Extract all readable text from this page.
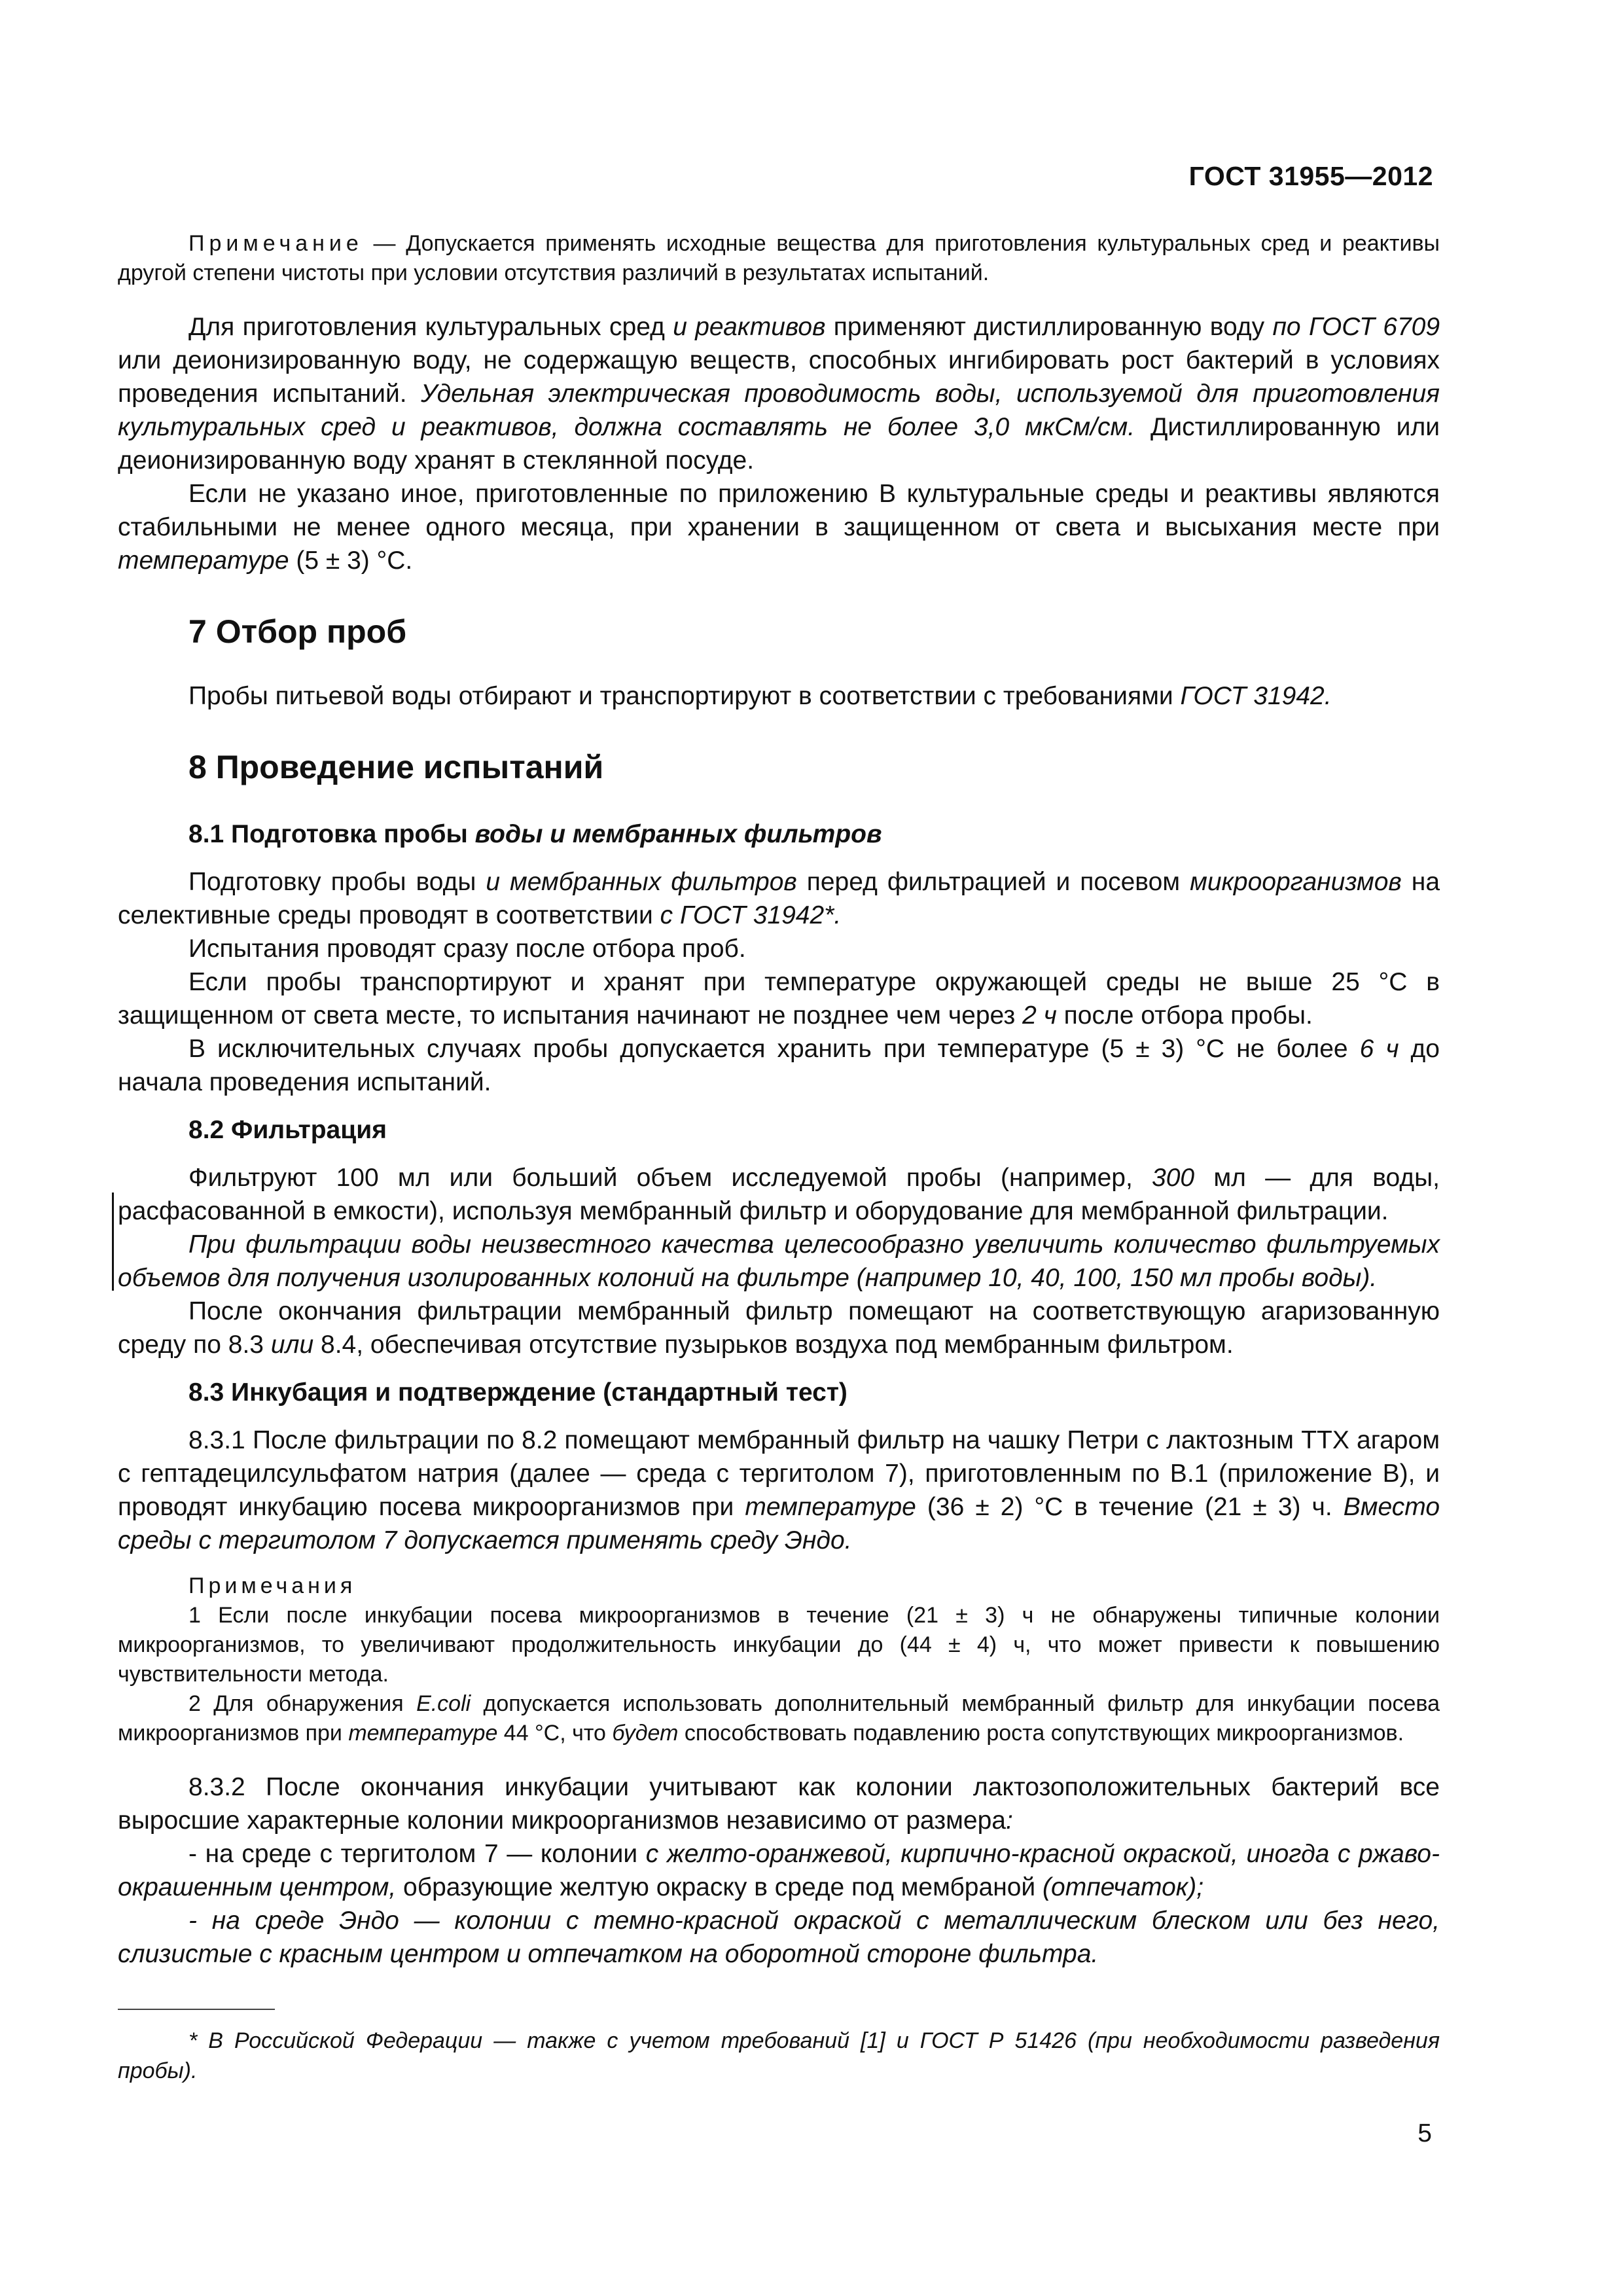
ГОСТ 31955—2012

Примечание — Допускается применять исходные вещества для приготовления культуральных сред и реактивы другой степени чистоты при условии отсутствия различий в результатах испытаний.

Для приготовления культуральных сред и реактивов применяют дистиллированную воду по ГОСТ 6709 или деионизированную воду, не содержащую веществ, способных ингибировать рост бактерий в условиях проведения испытаний. Удельная электрическая проводимость воды, используемой для приготовления культуральных сред и реактивов, должна составлять не более 3,0 мкСм/см. Дистиллированную или деионизированную воду хранят в стеклянной посуде.

Если не указано иное, приготовленные по приложению В культуральные среды и реактивы являются стабильными не менее одного месяца, при хранении в защищенном от света и высыхания месте при температуре (5 ± 3) °С.

7 Отбор проб

Пробы питьевой воды отбирают и транспортируют в соответствии с требованиями ГОСТ 31942.

8 Проведение испытаний
8.1 Подготовка пробы воды и мембранных фильтров

Подготовку пробы воды и мембранных фильтров перед фильтрацией и посевом микроорганизмов на селективные среды проводят в соответствии с ГОСТ 31942*.

Испытания проводят сразу после отбора проб.

Если пробы транспортируют и хранят при температуре окружающей среды не выше 25 °С в защищенном от света месте, то испытания начинают не позднее чем через 2 ч после отбора пробы.

В исключительных случаях пробы допускается хранить при температуре (5 ± 3) °С не более 6 ч до начала проведения испытаний.

8.2 Фильтрация

Фильтруют 100 мл или больший объем исследуемой пробы (например, 300 мл — для воды, расфасованной в емкости), используя мембранный фильтр и оборудование для мембранной фильтрации.

При фильтрации воды неизвестного качества целесообразно увеличить количество фильтруемых объемов для получения изолированных колоний на фильтре (например 10, 40, 100, 150 мл пробы воды).

После окончания фильтрации мембранный фильтр помещают на соответствующую агаризованную среду по 8.3 или 8.4, обеспечивая отсутствие пузырьков воздуха под мембранным фильтром.

8.3 Инкубация и подтверждение (стандартный тест)

8.3.1 После фильтрации по 8.2 помещают мембранный фильтр на чашку Петри с лактозным ТТХ агаром с гептадецилсульфатом натрия (далее — среда с тергитолом 7), приготовленным по В.1 (приложение В), и проводят инкубацию посева микроорганизмов при температуре (36 ± 2) °С в течение (21 ± 3) ч. Вместо среды с тергитолом 7 допускается применять среду Эндо.

Примечания

1 Если после инкубации посева микроорганизмов в течение (21 ± 3) ч не обнаружены типичные колонии микроорганизмов, то увеличивают продолжительность инкубации до (44 ± 4) ч, что может привести к повышению чувствительности метода.

2 Для обнаружения E.coli допускается использовать дополнительный мембранный фильтр для инкубации посева микроорганизмов при температуре 44 °С, что будет способствовать подавлению роста сопутствующих микроорганизмов.

8.3.2 После окончания инкубации учитывают как колонии лактозоположительных бактерий все выросшие характерные колонии микроорганизмов независимо от размера:

- на среде с тергитолом 7 — колонии с желто-оранжевой, кирпично-красной окраской, иногда с ржаво-окрашенным центром, образующие желтую окраску в среде под мембраной (отпечаток);

- на среде Эндо — колонии с темно-красной окраской с металлическим блеском или без него, слизистые с красным центром и отпечатком на оборотной стороне фильтра.

* В Российской Федерации — также с учетом требований [1] и ГОСТ Р 51426 (при необходимости разведения пробы).

5
